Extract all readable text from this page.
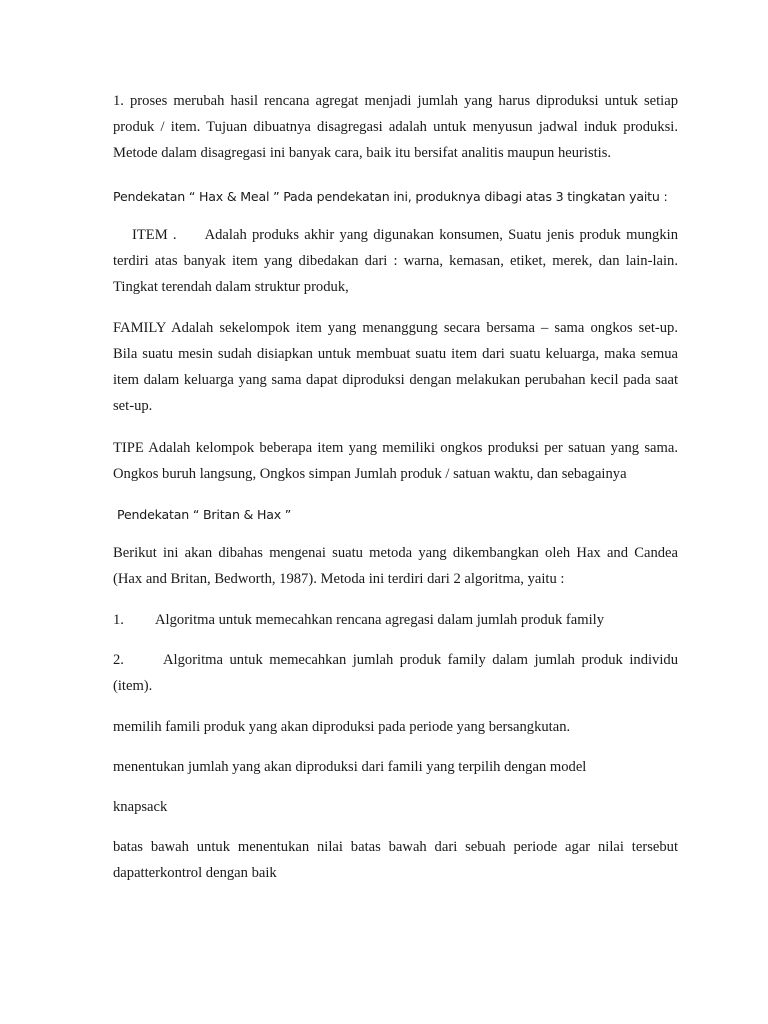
1. proses merubah hasil rencana agregat menjadi jumlah yang harus diproduksi untuk setiap produk / item. Tujuan dibuatnya disagregasi adalah untuk menyusun jadwal induk produksi. Metode dalam disagregasi ini banyak cara, baik itu bersifat analitis maupun heuristis.

Pendekatan “ Hax & Meal ” Pada pendekatan ini, produknya dibagi atas 3 tingkatan yaitu :

ITEM . Adalah produks akhir yang digunakan konsumen, Suatu jenis produk mungkin terdiri atas banyak item yang dibedakan dari : warna, kemasan, etiket, merek, dan lain-lain. Tingkat terendah dalam struktur produk,

FAMILY Adalah sekelompok item yang menanggung secara bersama – sama ongkos set-up. Bila suatu mesin sudah disiapkan untuk membuat suatu item dari suatu keluarga, maka semua item dalam keluarga yang sama dapat diproduksi dengan melakukan perubahan kecil pada saat set-up.

TIPE Adalah kelompok beberapa item yang memiliki ongkos produksi per satuan yang sama. Ongkos buruh langsung, Ongkos simpan Jumlah produk / satuan waktu, dan sebagainya

Pendekatan “ Britan & Hax ”

Berikut ini akan dibahas mengenai suatu metoda yang dikembangkan oleh Hax and Candea (Hax and Britan, Bedworth, 1987). Metoda ini terdiri dari 2 algoritma, yaitu :

1. Algoritma untuk memecahkan rencana agregasi dalam jumlah produk family

2.	Algoritma untuk memecahkan jumlah produk family dalam jumlah produk individu (item).

memilih famili produk yang akan diproduksi pada periode yang bersangkutan.

menentukan jumlah yang akan diproduksi dari famili yang terpilih dengan model

knapsack

batas bawah untuk menentukan nilai batas bawah dari sebuah periode agar nilai tersebut dapatterkontrol dengan baik
